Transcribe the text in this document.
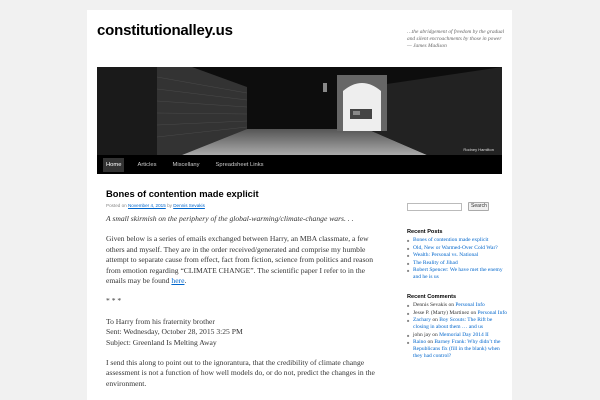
constitutionalley.us	…the abridgement of freedom by the gradual and silent encroachments by those in power — James Madison
Rodney Hamilton
Home	Articles	Miscellany	Spreadsheet Links
Bones of contention made explicit
Posted on November 4, 2015 by Dennis Sevakis

A small skirmish on the periphery of the global-warming/climate-change wars. . .

Given below is a series of emails exchanged between Harry, an MBA classmate, a few others and myself. They are in the order received/generated and comprise my humble attempt to separate cause from effect, fact from fiction, science from politics and reason from emotion regarding “CLIMATE CHANGE”. The scientific paper I refer to in the emails may be found here.

* * *

To Harry from his fraternity brother
Sent: Wednesday, October 28, 2015 3:25 PM
Subject: Greenland Is Melting Away

I send this along to point out to the ignorantura, that the credibility of climate change assessment is not a function of how well models do, or do not, predict the changes in the environment.

Search
Recent Posts
■ Bones of contention made explicit
■ Old, New or Warmed-Over Cold War?
■ Wealth: Personal vs. National
■ The Reality of Jihad
■ Robert Spencer: We have met the enemy and he is us
Recent Comments
■ Dennis Sevakis on Personal Info
■ Jesse P. (Marty) Martinez on Personal Info
■ Zachary on Boy Scouts: The Rift be closing in about them … and us
■ john jay on Memorial Day 2014 II
■ Raino on Barney Frank: Why didn’t the Republicans fix (fill in the blank) when they had control?
